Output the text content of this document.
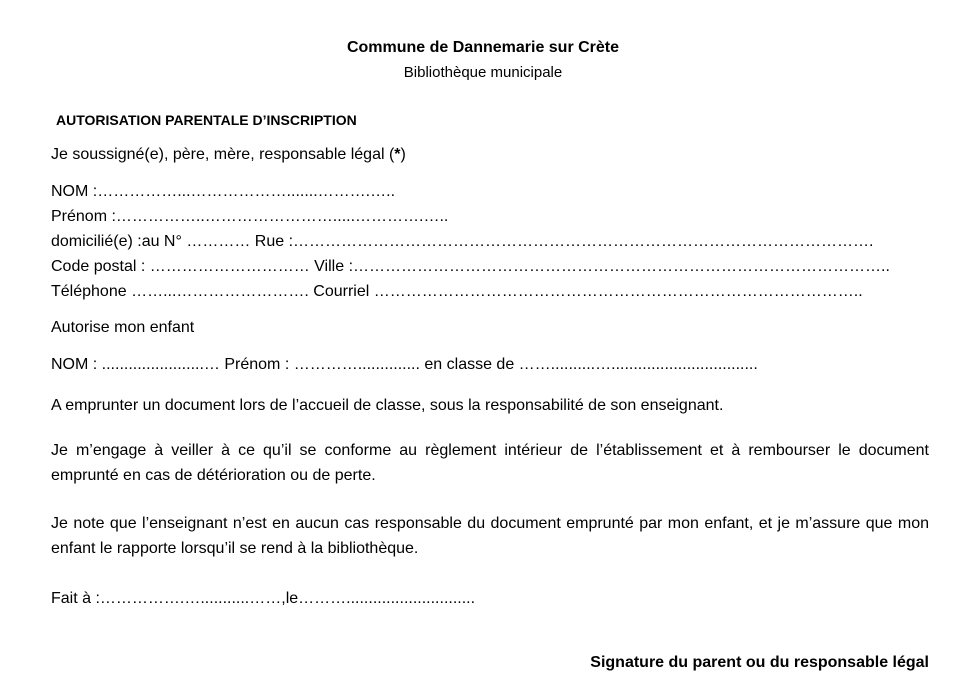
Commune de Dannemarie sur Crète
Bibliothèque municipale
AUTORISATION PARENTALE D’INSCRIPTION
Je soussigné(e), père, mère, responsable légal (*)
NOM :……………...……………….......……….…..
Prénom :……………..…………………….....………….…..
domicilié(e) :au N° ………… Rue :……………………………………………………………………………………………….
Code postal : ………………………… Ville :………………………………………………………………………………………..
Téléphone ……...……………………. Courriel ………………………………………………………………………………..
Autorise mon enfant
NOM : .......................… Prénom : ………….............. en classe de ……..........….................................
A emprunter un document lors de l’accueil de classe, sous la responsabilité de son enseignant.
Je m’engage à veiller à ce qu’il se conforme au règlement intérieur de l’établissement et à rembourser le document emprunté en cas de détérioration ou de perte.
Je note que l’enseignant n’est en aucun cas responsable du document emprunté par mon enfant, et je m’assure que mon enfant le rapporte lorsqu’il se rend à la bibliothèque.
Fait à :…………….…...........……,le……….............................
Signature du parent ou du responsable légal
